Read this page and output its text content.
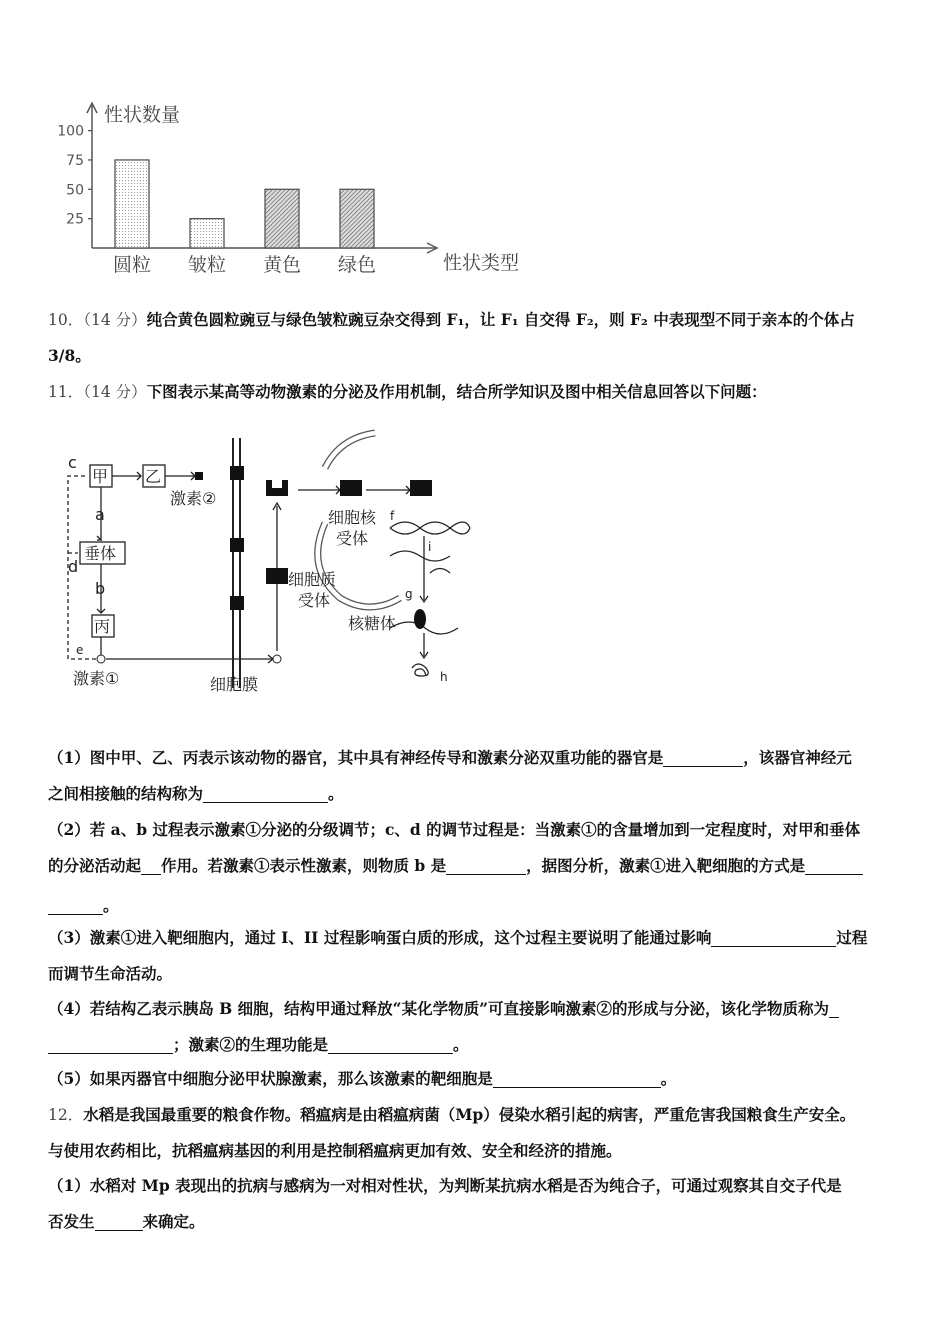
性状数量
性状类型
100
75
50
25
圆粒 皱粒 黄色 绿色
10．（14 分）纯合黄色圆粒豌豆与绿色皱粒豌豆杂交得到 F₁，让 F₁ 自交得 F₂，则 F₂ 中表现型不同于亲本的个体占
3/8。
11．（14 分）下图表示某高等动物激素的分泌及作用机制，结合所学知识及图中相关信息回答以下问题：
c
甲 乙
激素②
a
垂体
d
b
丙
e
激素①	细胞膜
细胞质
受体
细胞核
受体
f
i
g
核糖体
h
（1）图中甲、乙、丙表示该动物的器官，其中具有神经传导和激素分泌双重功能的器官是	，该器官神经元
之间相接触的结构称为	。
（2）若 a、b 过程表示激素①分泌的分级调节；c、d 的调节过程是：当激素①的含量增加到一定程度时，对甲和垂体
的分泌活动起 作用。若激素①表示性激素，则物质 b 是	，据图分析，激素①进入靶细胞的方式是
。
（3）激素①进入靶细胞内，通过 I、II 过程影响蛋白质的形成，这个过程主要说明了能通过影响	过程
而调节生命活动。
（4）若结构乙表示胰岛 B 细胞，结构甲通过释放“某化学物质”可直接影响激素②的形成与分泌，该化学物质称为
；激素②的生理功能是	。
（5）如果丙器官中细胞分泌甲状腺激素，那么该激素的靶细胞是	。
12．水稻是我国最重要的粮食作物。稻瘟病是由稻瘟病菌（Mp）侵染水稻引起的病害，严重危害我国粮食生产安全。
与使用农药相比，抗稻瘟病基因的利用是控制稻瘟病更加有效、安全和经济的措施。
（1）水稻对 Mp 表现出的抗病与感病为一对相对性状，为判断某抗病水稻是否为纯合子，可通过观察其自交子代是
否发生	来确定。
